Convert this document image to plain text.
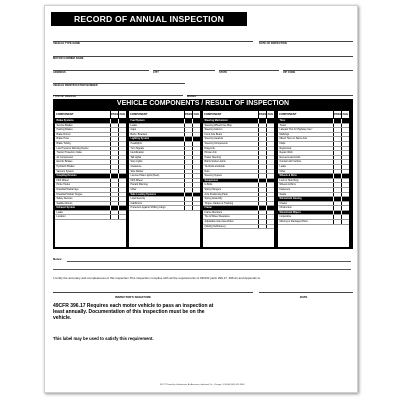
RECORD OF ANNUAL INSPECTION
VEHICLE TYPE NAME	DATE OF INSPECTION
MOTOR CARRIER NAME
ADDRESS	CITY	STATE	ZIP CODE
VEHICLE IDENTIFICATION NUMBER
TYPE OF VEHICLE	MODEL
VEHICLE COMPONENTS / RESULT OF INSPECTION
COMPONENT	PASS FAIL
Brake Systems
Service Brakes
Parking Brakes
Brake Drums
Brake Hose
Brake Tubing
Low Pressure Warning Device
Tractor Protection Valve
Air Compressor
Electric Brakes
Hydraulic Brakes
Vacuum System
Coupling Devices
Fifth Wheel
Pintle Hooks
Drawbar/Towbar Eye
Drawbar/Towbar Tongue
Safety Devices
Saddle Mounts
Exhaust System
Leaks
Location
COMPONENT	PASS FAIL
Fuel System
Leaks
Caps
Belts / Brackets
Lighting System
Headlights
Turn Signals
Identification
Tail Lights
Stop Lights
Clearance
Side Marker
License Plate Lights (Rear)
Fifth Wheel
Hazard Warning
Other
Safe Loading Systems
Load Security
Cab/Doors
Protection Against Shifting Cargo
COMPONENT	PASS FAIL
Steering Mechanism
Steering Wheel Free Play
Steering Column
Front Axle Beam
Steering Gearbox
Steering Components
Drag Link
Pitman Arm
Power Steering
Ball & Socket Joints
Tie Rods and Ends
Nuts
Steering System
Suspension
U-Bolts
Spring Hangers
Axle Positioning Parts
Spring Assembly
Torque, Radius or Tracking
Frame
Frame Members
Tire & Wheel Clearance
Adjustable Axle Assemblies
(Sliding Subframes)
COMPONENT	PASS FAIL
Tires
Tread
Labeled "Not for Highway Use"
Markings
Mixed Tires on Same Axle
Flaps
Regrooved
Repair Work
Exceed Load Limits
Contact with Vehicle
Leaks
Other
Wheels & Rims
Lock or Side Ring
Wheels & Rims
Fasteners
Welds
Windshield Glazing
Cracks
Obstruction
Windshield Wipers
Inoperative
Missing or Damaged Parts
Notes:
I certify the accuracy and completeness of this inspection.This inspection complies with all the requirements of 49CFR parts 396.17, 396.21 and Appendix G.
INSPECTOR'S SIGNATURE	DATE
49CFR 396.17 Requires each motor vehicle to pass an inspection at least annually. Documentation of this inspection must be on the vehicle.
This label may be used to satisfy this requirement.
395-77 Printed by Labelmaster, An American Labelmark Co., Chicago, IL 60646 (800) 621-5808
